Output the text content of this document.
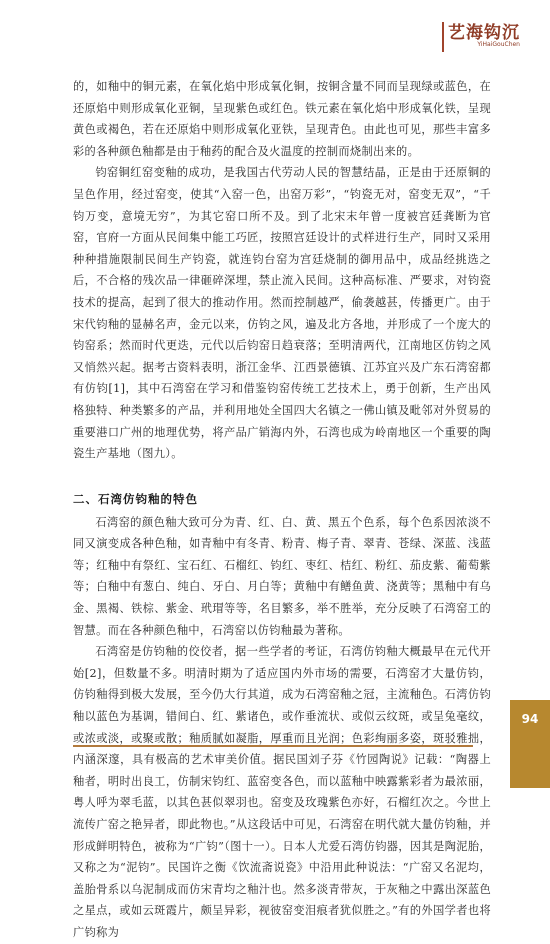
艺海钩沉
YiHaiGouChen

的，如釉中的铜元素，在氧化焰中形成氧化铜，按铜含量不同而呈现绿或蓝色，在还原焰中则形成氧化亚铜，呈现紫色或红色。铁元素在氧化焰中形成氧化铁，呈现黄色或褐色，若在还原焰中则形成氧化亚铁，呈现青色。由此也可见，那些丰富多彩的各种颜色釉都是由于釉药的配合及火温度的控制而烧制出来的。

钧窑铜红窑变釉的成功，是我国古代劳动人民的智慧结晶，正是由于还原铜的呈色作用，经过窑变，使其“入窑一色，出窑万彩”，“钧瓷无对，窑变无双”，“千钧万变，意境无穷”，为其它窑口所不及。到了北宋末年曾一度被宫廷龚断为官窑，官府一方面从民间集中能工巧匠，按照宫廷设计的式样进行生产，同时又采用种种措施限制民间生产钧瓷，就连钧台窑为宫廷烧制的御用品中，成品经挑选之后，不合格的残次品一律砸碎深埋，禁止流入民间。这种高标准、严要求，对钧瓷技术的提高，起到了很大的推动作用。然而控制越严，偷袭越甚，传播更广。由于宋代钧釉的显赫名声，金元以来，仿钧之风，遍及北方各地，并形成了一个庞大的钧窑系；然而时代更迭，元代以后钧窑日趋衰落；至明清两代，江南地区仿钧之风又悄然兴起。据考古资料表明，浙江金华、江西景德镇、江苏宜兴及广东石湾窑都有仿钧[1]，其中石湾窑在学习和借鉴钧窑传统工艺技术上，勇于创新，生产出风格独特、种类繁多的产品，并利用地处全国四大名镇之一佛山镇及毗邻对外贸易的重要港口广州的地理优势，将产品广销海内外，石湾也成为岭南地区一个重要的陶瓷生产基地（图九）。

二、石湾仿钧釉的特色

石湾窑的颜色釉大致可分为青、红、白、黄、黑五个色系，每个色系因浓淡不同又演变成各种色釉，如青釉中有冬青、粉青、梅子青、翠青、苍绿、深蓝、浅蓝等；红釉中有祭红、宝石红、石榴红、钧红、枣红、桔红、粉红、茄皮紫、葡萄紫等；白釉中有葱白、纯白、牙白、月白等；黄釉中有鳝鱼黄、浇黄等；黑釉中有乌金、黑褐、铁棕、紫金、玳瑁等等，名目繁多，举不胜举，充分反映了石湾窑工的智慧。而在各种颜色釉中，石湾窑以仿钧釉最为著称。

石湾窑是仿钧釉的佼佼者，据一些学者的考证，石湾仿钧釉大概最早在元代开始[2]，但数量不多。明清时期为了适应国内外市场的需要，石湾窑才大量仿钧，仿钧釉得到极大发展，至今仍大行其道，成为石湾窑釉之冠，主流釉色。石湾仿钧釉以蓝色为基调，错间白、红、紫诸色，或作垂流状、或似云纹斑，或呈兔毫纹，或浓或淡，或聚或散；釉质腻如凝脂，厚重而且光润；色彩绚丽多姿，斑驳雅拙，内涵深邃，具有极高的艺术审美价值。据民国刘子芬《竹园陶说》记载：“陶器上釉者，明时出良工，仿制宋钧红、蓝窑变各色，而以蓝釉中映露紫彩者为最浓丽，粤人呼为翠毛蓝，以其色甚似翠羽也。窑变及玫瑰紫色亦好，石榴红次之。今世上流传广窑之艳异者，即此物也。”从这段话中可见，石湾窑在明代就大量仿钧釉，并形成鲜明特色，被称为“广钧”（图十一）。日本人尤爱石湾仿钧器，因其是陶泥胎，又称之为“泥钧”。民国许之衡《饮流斋说瓷》中沿用此种说法：“广窑又名泥均，盖胎骨系以乌泥制成而仿宋青均之釉汁也。然多淡青带灰，于灰釉之中露出深蓝色之星点，或如云斑霞片，颇呈异彩，视彼窑变泪痕者犹似胜之。”有的外国学者也将广钧称为

94
